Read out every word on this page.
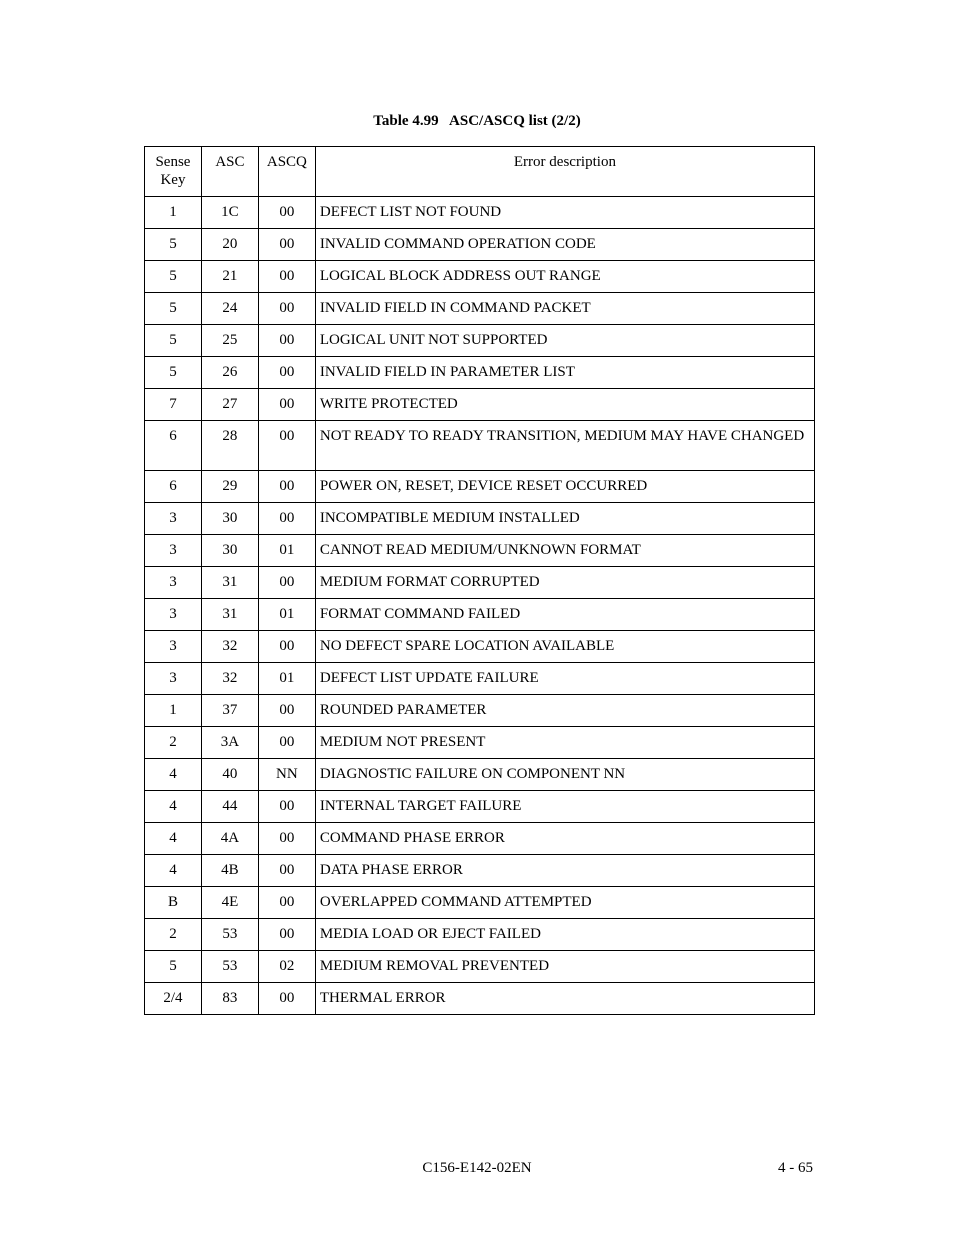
Table 4.99   ASC/ASCQ list (2/2)
Sense
Key	ASC	ASCQ	Error description
1	1C	00	DEFECT LIST NOT FOUND
5	20	00	INVALID COMMAND OPERATION CODE
5	21	00	LOGICAL BLOCK ADDRESS OUT RANGE
5	24	00	INVALID FIELD IN COMMAND PACKET
5	25	00	LOGICAL UNIT NOT SUPPORTED
5	26	00	INVALID FIELD IN PARAMETER LIST
7	27	00	WRITE PROTECTED
6	28	00	NOT READY TO READY TRANSITION, MEDIUM MAY HAVE CHANGED
6	29	00	POWER ON, RESET, DEVICE RESET OCCURRED
3	30	00	INCOMPATIBLE MEDIUM INSTALLED
3	30	01	CANNOT READ MEDIUM/UNKNOWN FORMAT
3	31	00	MEDIUM FORMAT CORRUPTED
3	31	01	FORMAT COMMAND FAILED
3	32	00	NO DEFECT SPARE LOCATION AVAILABLE
3	32	01	DEFECT LIST UPDATE FAILURE
1	37	00	ROUNDED PARAMETER
2	3A	00	MEDIUM NOT PRESENT
4	40	NN	DIAGNOSTIC FAILURE ON COMPONENT NN
4	44	00	INTERNAL TARGET FAILURE
4	4A	00	COMMAND PHASE ERROR
4	4B	00	DATA PHASE ERROR
B	4E	00	OVERLAPPED COMMAND ATTEMPTED
2	53	00	MEDIA LOAD OR EJECT FAILED
5	53	02	MEDIUM REMOVAL PREVENTED
2/4	83	00	THERMAL ERROR
C156-E142-02EN	4 - 65
